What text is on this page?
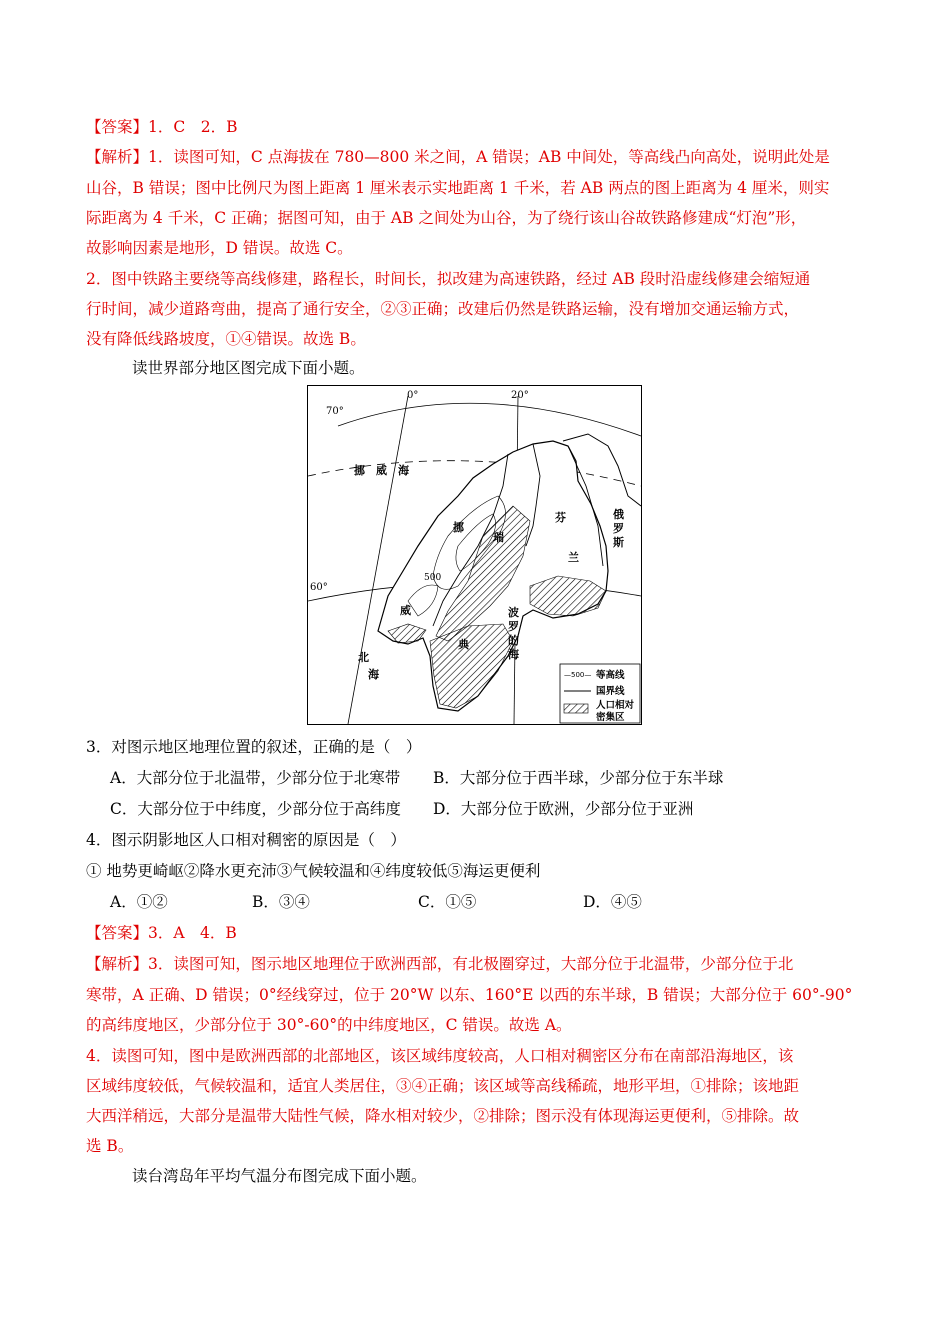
【答案】1．C　2．B
【解析】1．读图可知，C 点海拔在 780—800 米之间，A 错误；AB 中间处，等高线凸向高处，说明此处是
山谷，B 错误；图中比例尺为图上距离 1 厘米表示实地距离 1 千米，若 AB 两点的图上距离为 4 厘米，则实
际距离为 4 千米，C 正确；据图可知，由于 AB 之间处为山谷，为了绕行该山谷故铁路修建成“灯泡”形，
故影响因素是地形，D 错误。故选 C。
2．图中铁路主要绕等高线修建，路程长，时间长，拟改建为高速铁路，经过 AB 段时沿虚线修建会缩短通
行时间，减少道路弯曲，提高了通行安全，②③正确；改建后仍然是铁路运输，没有增加交通运输方式，
没有降低线路坡度，①④错误。故选 B。
读世界部分地区图完成下面小题。
—500— 等高线
国界线
人口相对
密集区
0°	20°
70°
60°
500
挪　威　海
挪
威
瑞
典
芬
兰
俄
罗
斯
波
罗
的
海
北
海
3．对图示地区地理位置的叙述，正确的是（　）
A．大部分位于北温带，少部分位于北寒带 B．大部分位于西半球，少部分位于东半球
C．大部分位于中纬度，少部分位于高纬度 D．大部分位于欧洲，少部分位于亚洲
4．图示阴影地区人口相对稠密的原因是（　）
① 地势更崎岖②降水更充沛③气候较温和④纬度较低⑤海运更便利
A．①②	B．③④	C．①⑤	D．④⑤
【答案】3．A　4．B
【解析】3．读图可知，图示地区地理位于欧洲西部，有北极圈穿过，大部分位于北温带，少部分位于北
寒带，A 正确、D 错误；0°经线穿过，位于 20°W 以东、160°E 以西的东半球，B 错误；大部分位于 60°-90°
的高纬度地区，少部分位于 30°-60°的中纬度地区，C 错误。故选 A。
4．读图可知，图中是欧洲西部的北部地区，该区域纬度较高，人口相对稠密区分布在南部沿海地区，该
区域纬度较低，气候较温和，适宜人类居住，③④正确；该区域等高线稀疏，地形平坦，①排除；该地距
大西洋稍远，大部分是温带大陆性气候，降水相对较少，②排除；图示没有体现海运更便利，⑤排除。故
选 B。
读台湾岛年平均气温分布图完成下面小题。
